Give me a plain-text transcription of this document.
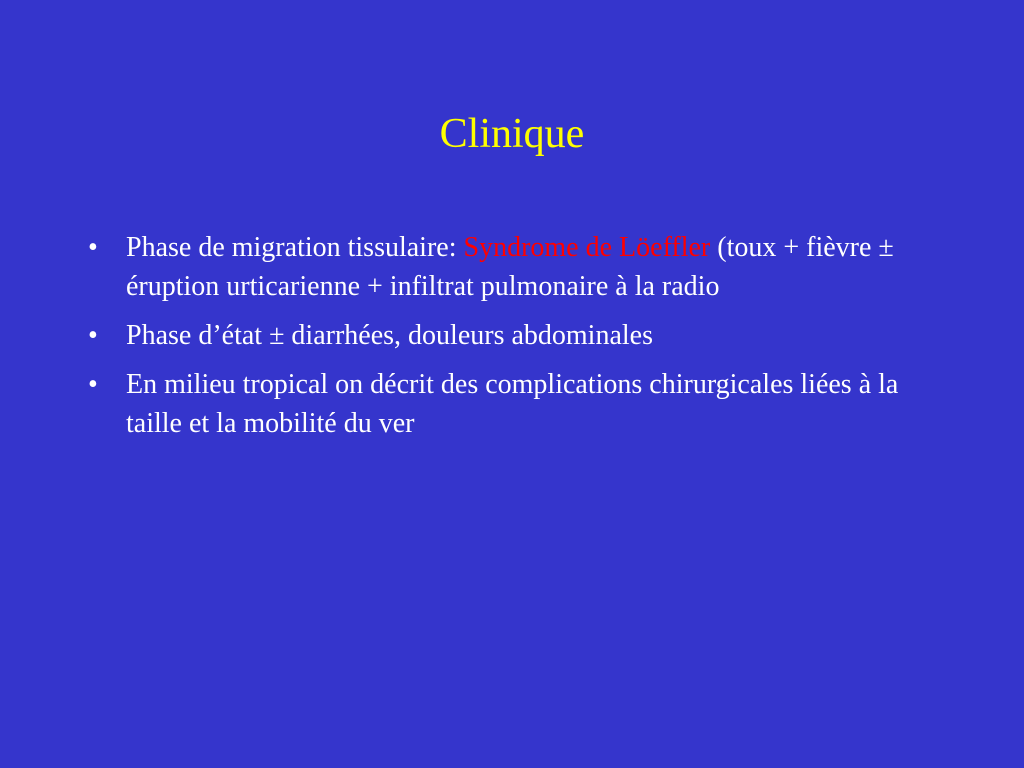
Clinique
•	Phase de migration tissulaire: Syndrome de Löeffler (toux + fièvre ± éruption urticarienne + infiltrat pulmonaire à la radio
•	Phase d’état ± diarrhées, douleurs abdominales
•	En milieu tropical on décrit des complications chirurgicales liées à la taille et la mobilité du ver
